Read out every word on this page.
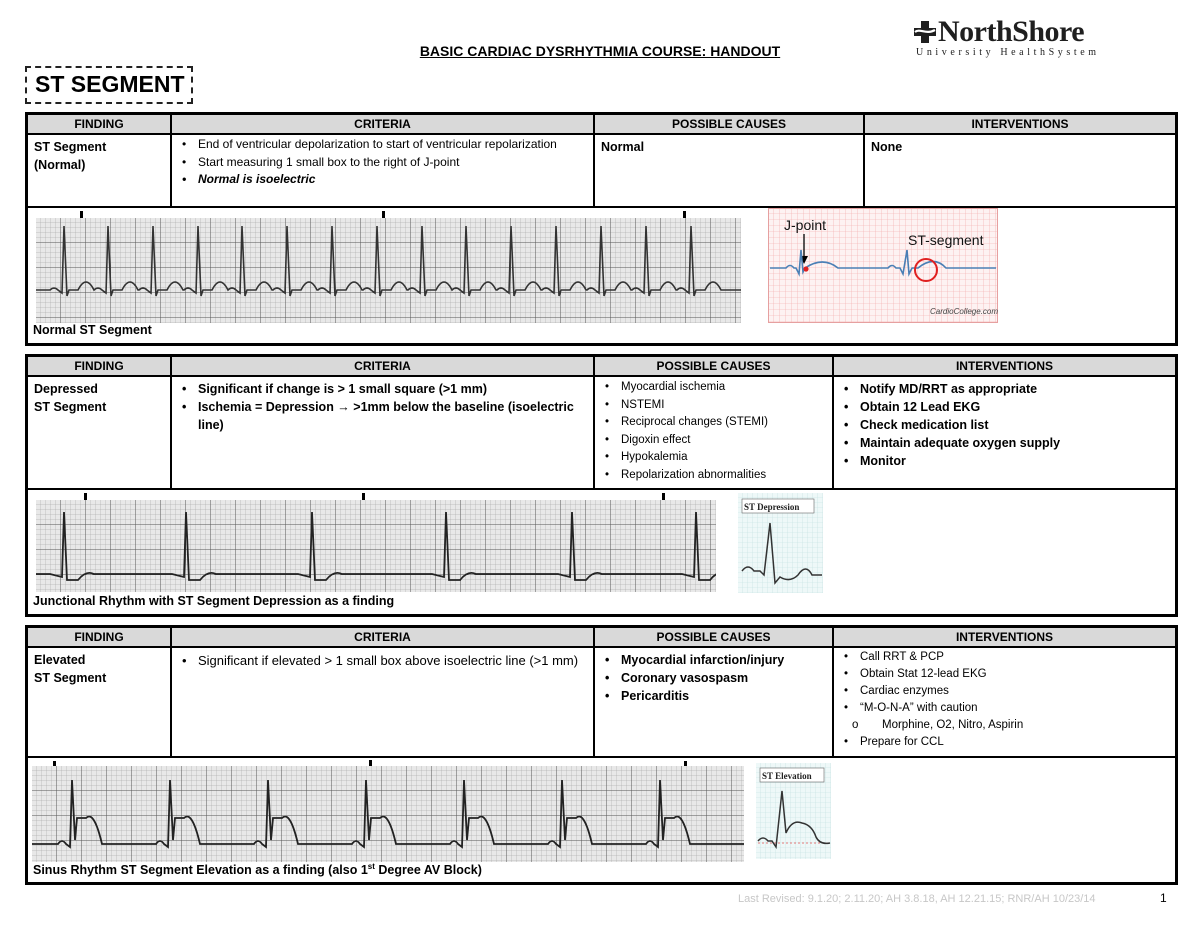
BASIC CARDIAC DYSRHYTHMIA COURSE: HANDOUT
NorthShore
University HealthSystem
ST SEGMENT
FINDING	CRITERIA	POSSIBLE CAUSES	INTERVENTIONS
ST Segment
(Normal)
• End of ventricular depolarization to start of ventricular repolarization
• Start measuring 1 small box to the right of J-point
• Normal is isoelectric
Normal	None
Normal ST Segment
J-point
ST-segment
CardioCollege.com
FINDING	CRITERIA	POSSIBLE CAUSES	INTERVENTIONS
Depressed
ST Segment
• Significant if change is > 1 small square (>1 mm)
• Ischemia = Depression → >1mm below the baseline (isoelectric line)
• Myocardial ischemia
• NSTEMI
• Reciprocal changes (STEMI)
• Digoxin effect
• Hypokalemia
• Repolarization abnormalities
• Notify MD/RRT as appropriate
• Obtain 12 Lead EKG
• Check medication list
• Maintain adequate oxygen supply
• Monitor
Junctional Rhythm with ST Segment Depression as a finding
ST Depression
FINDING	CRITERIA	POSSIBLE CAUSES	INTERVENTIONS
Elevated
ST Segment
• Significant if elevated > 1 small box above isoelectric line (>1 mm)
•	Myocardial infarction/injury
• Coronary vasospasm
• Pericarditis
• Call RRT & PCP
• Obtain Stat 12-lead EKG
• Cardiac enzymes
• “M-O-N-A” with caution
o Morphine, O2, Nitro, Aspirin
• Prepare for CCL
Sinus Rhythm ST Segment Elevation as a finding (also 1st Degree AV Block)
ST Elevation
Last Revised: 9.1.20; 2.11.20; AH 3.8.18, AH 12.21.15; RNR/AH 10/23/14	1
